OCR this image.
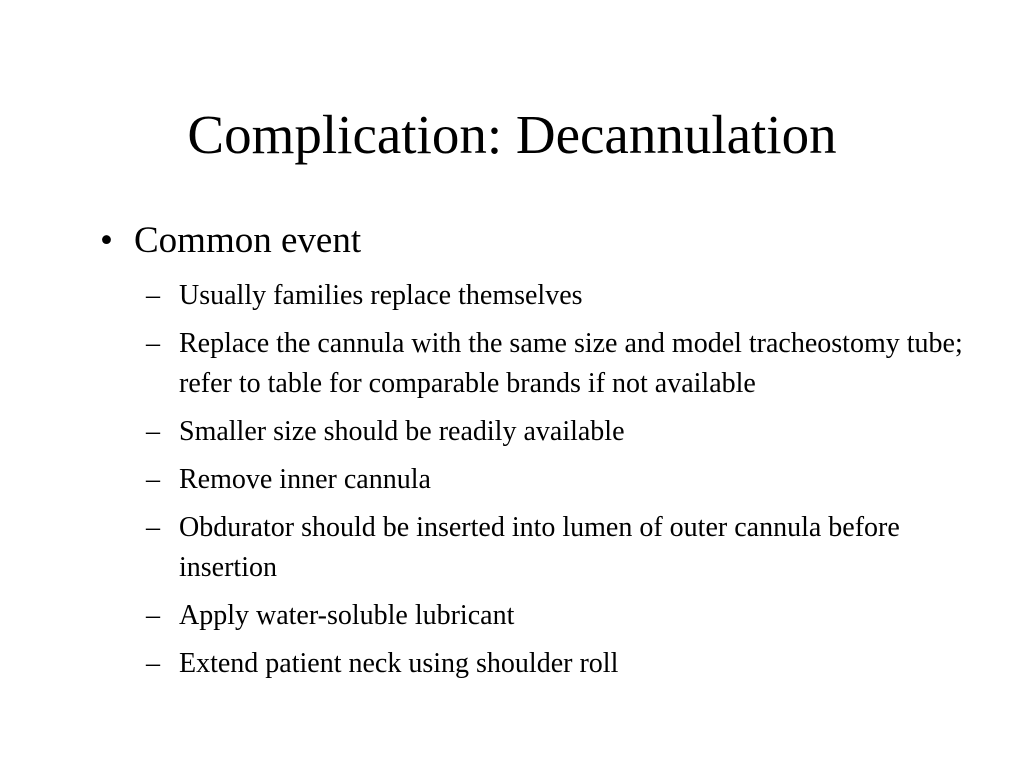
Complication: Decannulation

• Common event

– Usually families replace themselves
– Replace the cannula with the same size and model tracheostomy tube; refer to table for comparable brands if not available
– Smaller size should be readily available
– Remove inner cannula
– Obdurator should be inserted into lumen of outer cannula before insertion
– Apply water-soluble lubricant
– Extend patient neck using shoulder roll
